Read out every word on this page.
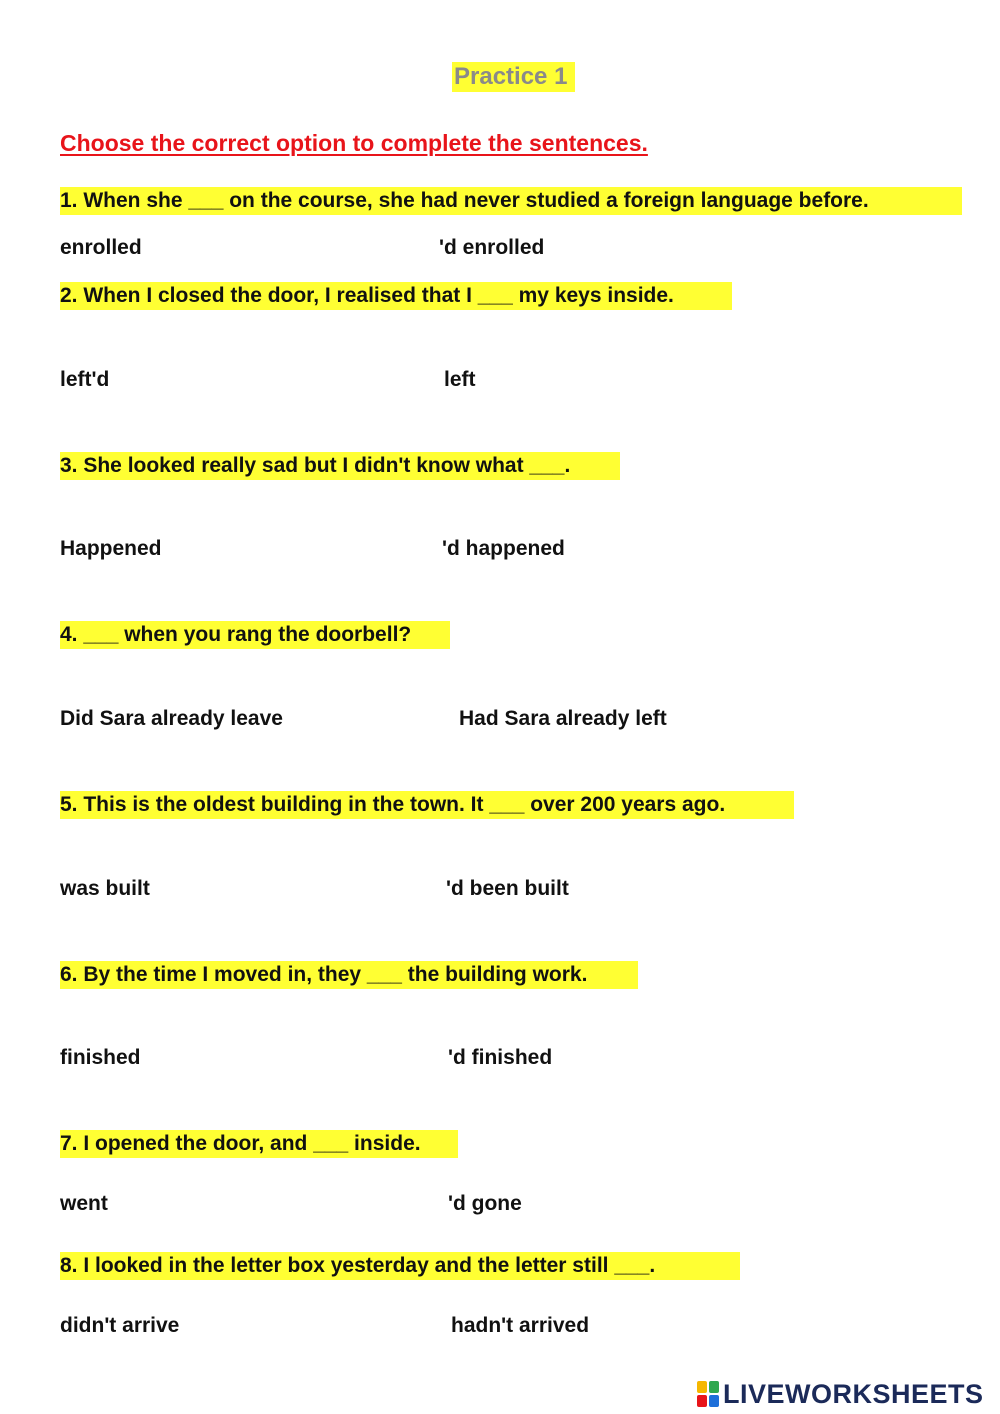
Practice 1
Choose the correct option to complete the sentences.
1. When she ___ on the course, she had never studied a foreign language before.
enrolled	'd enrolled
2. When I closed the door, I realised that I ___ my keys inside.
left'd	left
3. She looked really sad but I didn't know what ___.
Happened	'd happened
4. ___ when you rang the doorbell?
Did Sara already leave	Had Sara already left
5. This is the oldest building in the town. It ___ over 200 years ago.
was built	'd been built
6. By the time I moved in, they ___ the building work.
finished	'd finished
7. I opened the door, and ___ inside.
went	'd gone
8. I looked in the letter box yesterday and the letter still ___.
didn't arrive	hadn't arrived
LIVEWORKSHEETS
